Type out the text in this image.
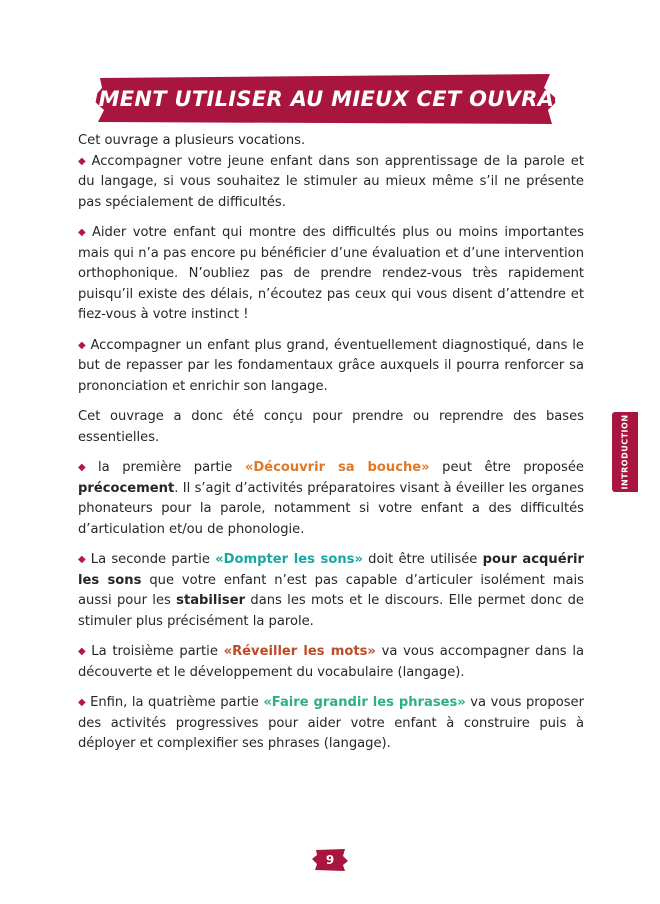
COMMENT UTILISER AU MIEUX CET OUVRAGE ?

Cet ouvrage a plusieurs vocations.

◆ Accompagner votre jeune enfant dans son apprentissage de la parole et du langage, si vous souhaitez le stimuler au mieux même s’il ne présente pas spécialement de difficultés.

◆ Aider votre enfant qui montre des difficultés plus ou moins importantes mais qui n’a pas encore pu bénéficier d’une évaluation et d’une intervention orthophonique. N’oubliez pas de prendre rendez-vous très rapidement puisqu’il existe des délais, n’écoutez pas ceux qui vous disent d’attendre et fiez-vous à votre instinct !

◆ Accompagner un enfant plus grand, éventuellement diagnostiqué, dans le but de repasser par les fondamentaux grâce auxquels il pourra renforcer sa prononciation et enrichir son langage.

Cet ouvrage a donc été conçu pour prendre ou reprendre des bases essentielles.

◆ la première partie «Découvrir sa bouche» peut être proposée précocement. Il s’agit d’activités préparatoires visant à éveiller les organes phonateurs pour la parole, notamment si votre enfant a des difficultés d’articulation et/ou de phonologie.

◆ La seconde partie «Dompter les sons» doit être utilisée pour acquérir les sons que votre enfant n’est pas capable d’articuler isolément mais aussi pour les stabiliser dans les mots et le discours. Elle permet donc de stimuler plus précisément la parole.

◆ La troisième partie «Réveiller les mots» va vous accompagner dans la découverte et le développement du vocabulaire (langage).

◆ Enfin, la quatrième partie «Faire grandir les phrases» va vous proposer des activités progressives pour aider votre enfant à construire puis à déployer et complexifier ses phrases (langage).

INTRODUCTION
9
